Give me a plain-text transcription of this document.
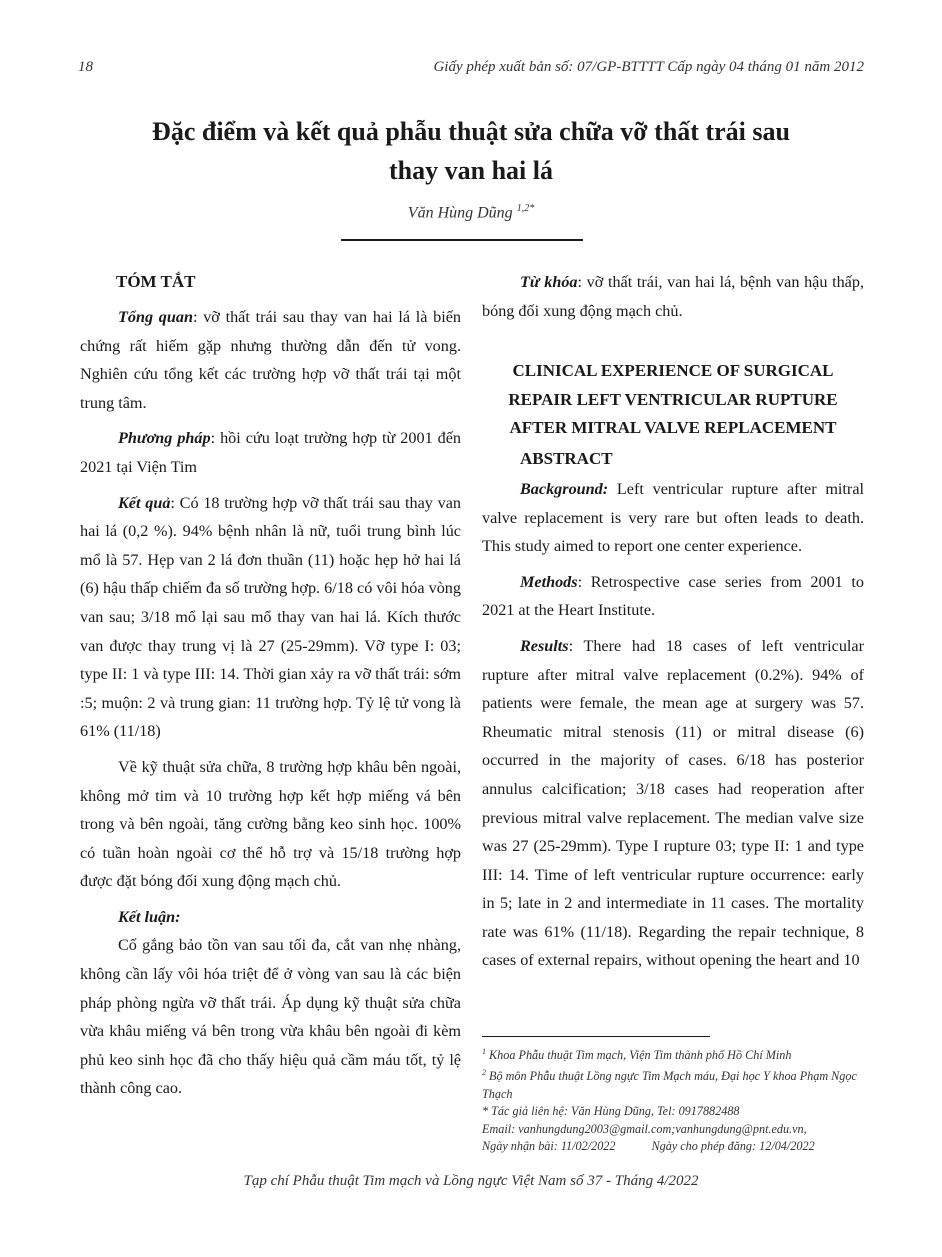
18	Giấy phép xuất bản số: 07/GP-BTTTT Cấp ngày 04 tháng 01 năm 2012
Đặc điểm và kết quả phẫu thuật sửa chữa vỡ thất trái sau
thay van hai lá
Văn Hùng Dũng $^{1,2*}$

TÓM TẮT

Tổng quan: vỡ thất trái sau thay van hai lá là biến chứng rất hiếm gặp nhưng thường dẫn đến tử vong. Nghiên cứu tổng kết các trường hợp vỡ thất trái tại một trung tâm.

Phương pháp: hồi cứu loạt trường hợp từ 2001 đến 2021 tại Viện Tim

Kết quả: Có 18 trường hợp vỡ thất trái sau thay van hai lá (0,2 %). 94% bệnh nhân là nữ, tuổi trung bình lúc mổ là 57. Hẹp van 2 lá đơn thuần (11) hoặc hẹp hở hai lá (6) hậu thấp chiếm đa số trường hợp. 6/18 có vôi hóa vòng van sau; 3/18 mổ lại sau mổ thay van hai lá. Kích thước van được thay trung vị là 27 (25-29mm). Vỡ type I: 03; type II: 1 và type III: 14. Thời gian xảy ra vỡ thất trái: sớm :5; muộn: 2 và trung gian: 11 trường hợp. Tỷ lệ tử vong là 61% (11/18)

Về kỹ thuật sửa chữa, 8 trường hợp khâu bên ngoài, không mở tim và 10 trường hợp kết hợp miếng vá bên trong và bên ngoài, tăng cường bằng keo sinh học. 100% có tuần hoàn ngoài cơ thể hỗ trợ và 15/18 trường hợp được đặt bóng đối xung động mạch chủ.

Kết luận:

Cố gắng bảo tồn van sau tối đa, cắt van nhẹ nhàng, không cần lấy vôi hóa triệt để ở vòng van sau là các biện pháp phòng ngừa vỡ thất trái. Áp dụng kỹ thuật sửa chữa vừa khâu miếng vá bên trong vừa khâu bên ngoài đi kèm phủ keo sinh học đã cho thấy hiệu quả cầm máu tốt, tỷ lệ thành công cao.

Từ khóa: vỡ thất trái, van hai lá, bệnh van hậu thấp, bóng đối xung động mạch chủ.

CLINICAL EXPERIENCE OF SURGICAL
REPAIR LEFT VENTRICULAR RUPTURE
AFTER MITRAL VALVE REPLACEMENT

ABSTRACT

Background: Left ventricular rupture after mitral valve replacement is very rare but often leads to death. This study aimed to report one center experience.

Methods: Retrospective case series from 2001 to 2021 at the Heart Institute.

Results: There had 18 cases of left ventricular rupture after mitral valve replacement (0.2%). 94% of patients were female, the mean age at surgery was 57. Rheumatic mitral stenosis (11) or mitral disease (6) occurred in the majority of cases. 6/18 has posterior annulus calcification; 3/18 cases had reoperation after previous mitral valve replacement. The median valve size was 27 (25-29mm). Type I rupture 03; type II: 1 and type III: 14. Time of left ventricular rupture occurrence: early in 5; late in 2 and intermediate in 11 cases. The mortality rate was 61% (11/18). Regarding the repair technique, 8 cases of external repairs, without opening the heart and 10

$^1$ Khoa Phẫu thuật Tim mạch, Viện Tim thành phố Hồ Chí Minh

$^2$ Bộ môn Phẫu thuật Lồng ngực Tim Mạch máu, Đại học Y khoa Phạm Ngọc Thạch

* Tác giả liên hệ: Văn Hùng Dũng, Tel: 0917882488

Email: vanhungdung2003@gmail.com;vanhungdung@pnt.edu.vn,

Ngày nhận bài: 11/02/2022	Ngày cho phép đăng: 12/04/2022

Tạp chí Phẫu thuật Tim mạch và Lồng ngực Việt Nam số 37 - Tháng 4/2022
